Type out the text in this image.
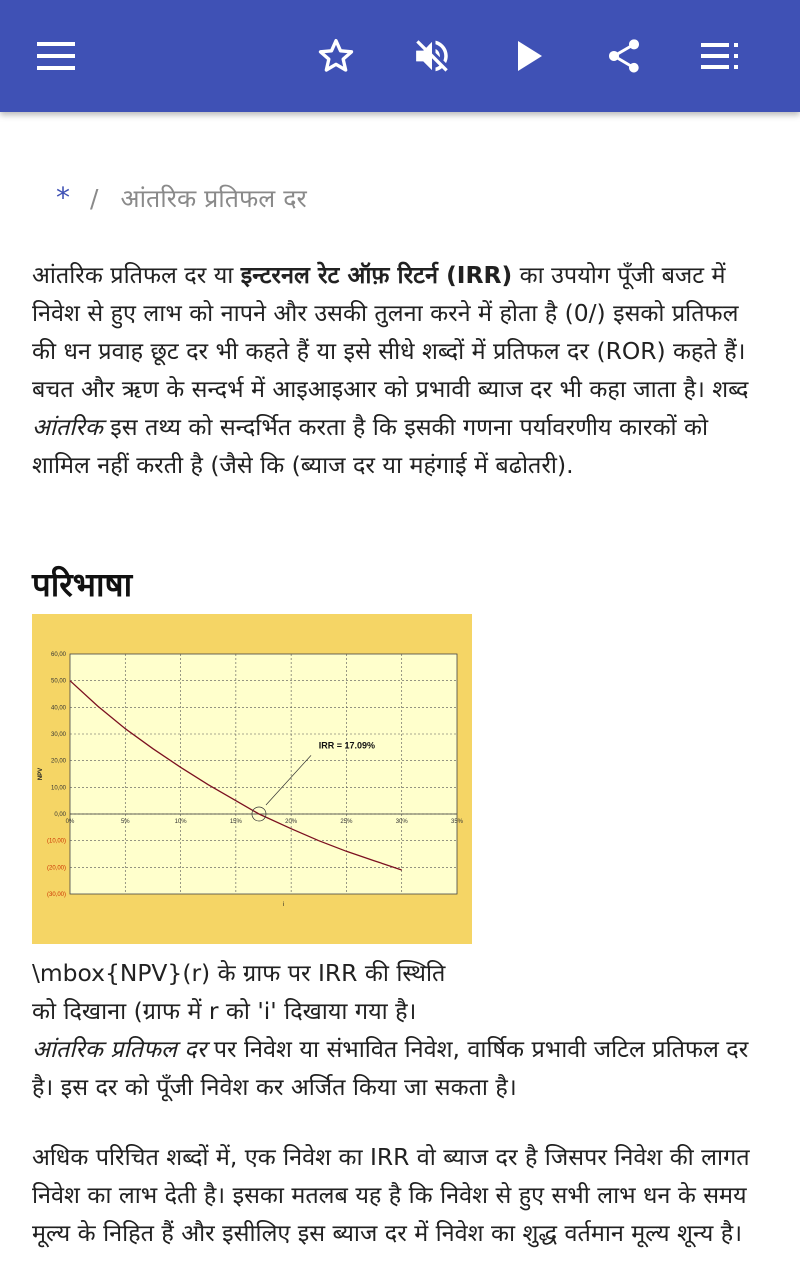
* / आंतरिक प्रतिफल दर

आंतरिक प्रतिफल दर या इन्टरनल रेट ऑफ़ रिटर्न (IRR) का उपयोग पूँजी बजट में निवेश से हुए लाभ को नापने और उसकी तुलना करने में होता है (0/) इसको प्रतिफल की धन प्रवाह छूट दर भी कहते हैं या इसे सीधे शब्दों में प्रतिफल दर (ROR) कहते हैं। बचत और ऋण के सन्दर्भ में आइआइआर को प्रभावी ब्याज दर भी कहा जाता है। शब्द आंतरिक इस तथ्य को सन्दर्भित करता है कि इसकी गणना पर्यावरणीय कारकों को शामिल नहीं करती है (जैसे कि (ब्याज दर या महंगाई में बढोतरी).

परिभाषा
60,00
50,00
40,00
30,00
20,00
10,00
0,00
(10,00)
(20,00)
(30,00)
0%	5%	10%	15%	20%	25%	30%	35%
IRR = 17.09%
NPV
i

\mbox{NPV}(r) के ग्राफ पर IRR की स्थिति

को दिखाना (ग्राफ में r को 'i' दिखाया गया है।

आंतरिक प्रतिफल दर पर निवेश या संभावित निवेश, वार्षिक प्रभावी जटिल प्रतिफल दर है। इस दर को पूँजी निवेश कर अर्जित किया जा सकता है।

अधिक परिचित शब्दों में, एक निवेश का IRR वो ब्याज दर है जिसपर निवेश की लागत निवेश का लाभ देती है। इसका मतलब यह है कि निवेश से हुए सभी लाभ धन के समय मूल्य के निहित हैं और इसीलिए इस ब्याज दर में निवेश का शुद्ध वर्तमान मूल्य शून्य है।
